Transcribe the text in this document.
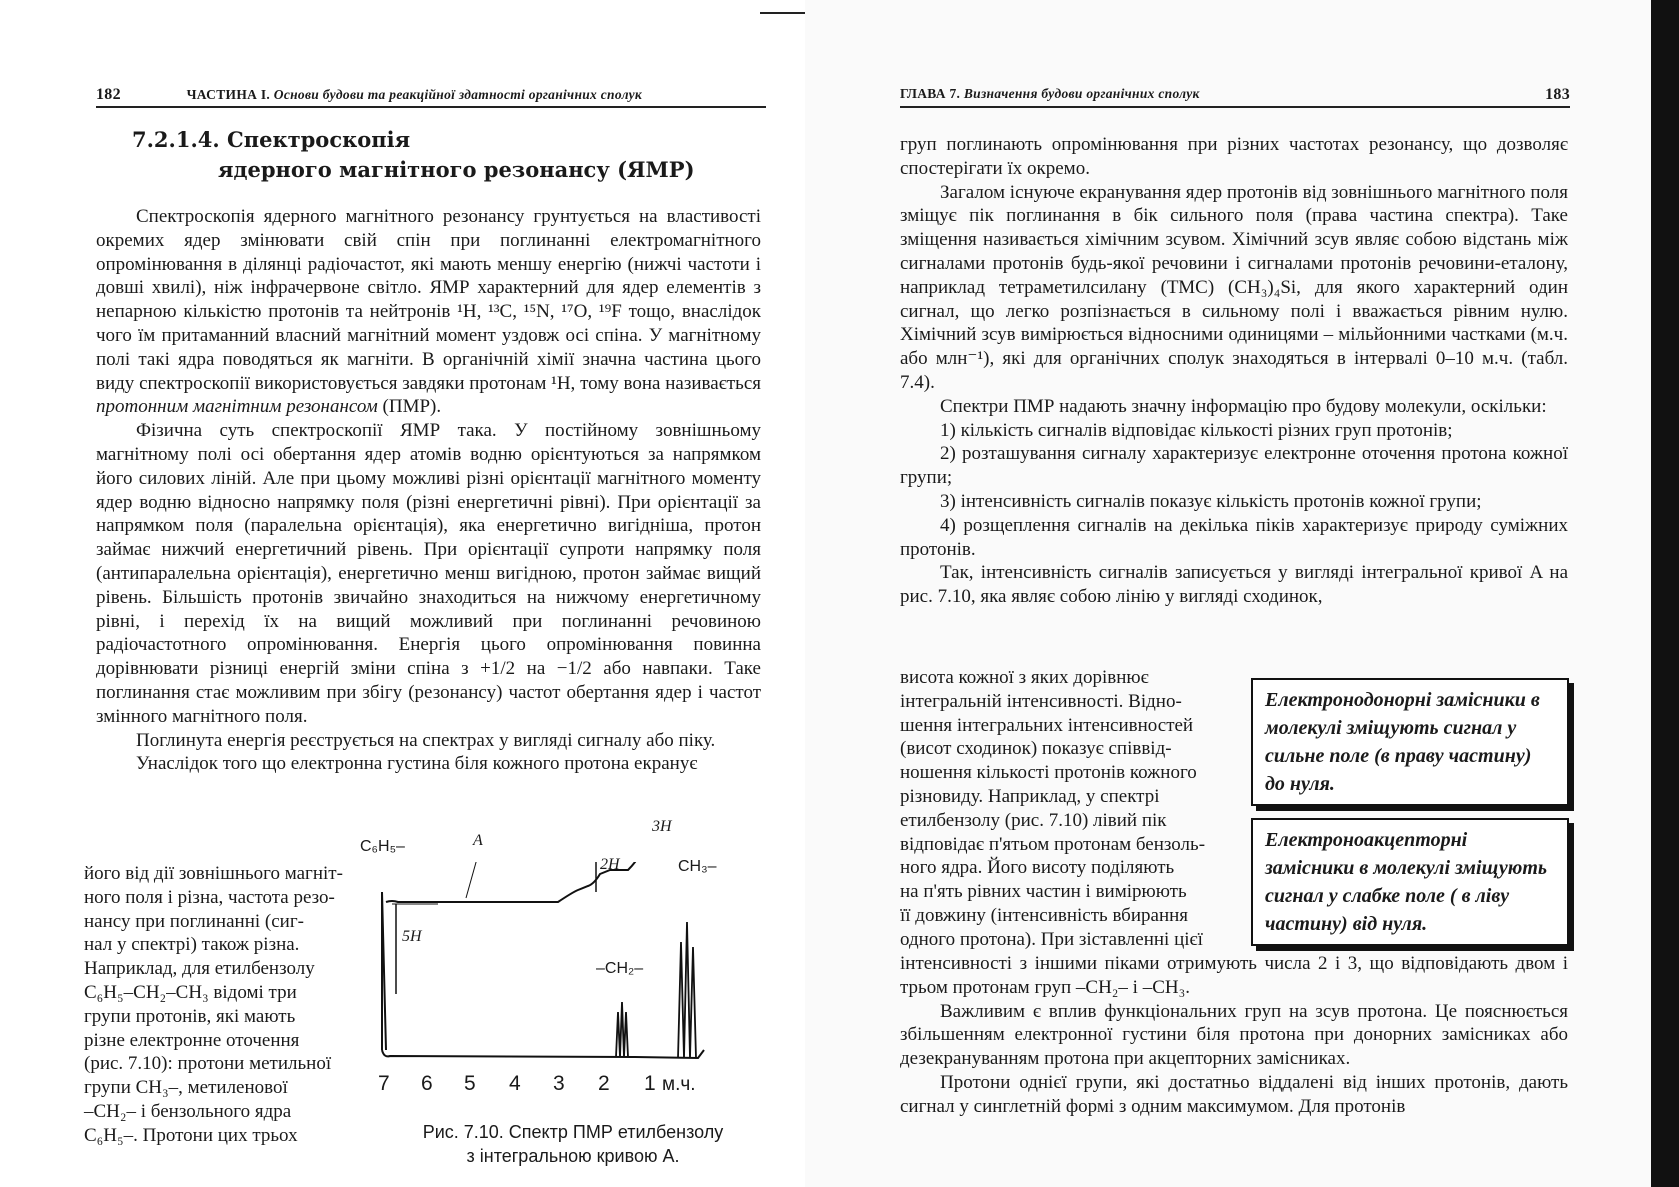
182	ЧАСТИНА І. Основи будови та реакційної здатності органічних сполук
7.2.1.4. Спектроскопія
ядерного магнітного резонансу (ЯМР)

Спектроскопія ядерного магнітного резонансу грунтується на властивості окремих ядер змінювати свій спін при поглинанні електромагнітного опромінювання в ділянці радіочастот, які мають меншу енергію (нижчі частоти і довші хвилі), ніж інфрачервоне світло. ЯМР характерний для ядер елементів з непарною кількістю протонів та нейтронів ¹H, ¹³C, ¹⁵N, ¹⁷O, ¹⁹F тощо, внаслідок чого їм притаманний власний магнітний момент уздовж осі спіна. У магнітному полі такі ядра поводяться як магніти. В органічній хімії значна частина цього виду спектроскопії використовується завдяки протонам ¹H, тому вона називається протонним магнітним резонансом (ПМР).

Фізична суть спектроскопії ЯМР така. У постійному зовнішньому магнітному полі осі обертання ядер атомів водню орієнтуються за напрямком його силових ліній. Але при цьому можливі різні орієнтації магнітного моменту ядер водню відносно напрямку поля (різні енергетичні рівні). При орієнтації за напрямком поля (паралельна орієнтація), яка енергетично вигідніша, протон займає нижчий енергетичний рівень. При орієнтації супроти напрямку поля (антипаралельна орієнтація), енергетично менш вигідною, протон займає вищий рівень. Більшість протонів звичайно знаходиться на нижчому енергетичному рівні, і перехід їх на вищий можливий при поглинанні речовиною радіочастотного опромінювання. Енергія цього опромінювання повинна дорівнювати різниці енергій зміни спіна з +1/2 на −1/2 або навпаки. Таке поглинання стає можливим при збігу (резонансу) частот обертання ядер і частот змінного магнітного поля.

Поглинута енергія реєструється на спектрах у вигляді сигналу або піку.

Унаслідок того що електронна густина біля кожного протона екранує

його від дії зовнішнього магніт-

ного поля і різна, частота резо-

нансу при поглинанні (сиг-

нал у спектрі) також різна.

Наприклад, для етилбензолу

C₆H₅–CH₂–CH₃ відомі три

групи протонів, які мають

різне електронне оточення

(рис. 7.10): протони метильної

групи CH₃–, метиленової

–CH₂– і бензольного ядра

C₆H₅–. Протони цих трьох

C₆H₅–	A
3H
2H
5H
CH₃–
–CH₂–
7 6 5 4 3 2 1 м.ч.
Рис. 7.10. Спектр ПМР етилбензолу
з інтегральною кривою A.
ГЛАВА 7. Визначення будови органічних сполук	183

груп поглинають опромінювання при різних частотах резонансу, що дозволяє спостерігати їх окремо.

Загалом існуюче екранування ядер протонів від зовнішнього магнітного поля зміщує пік поглинання в бік сильного поля (права частина спектра). Таке зміщення називається хімічним зсувом. Хімічний зсув являє собою відстань між сигналами протонів будь-якої речовини і сигналами протонів речовини-еталону, наприклад тетраметилсилану (ТМС) (CH₃)₄Si, для якого характерний один сигнал, що легко розпізнається в сильному полі і вважається рівним нулю. Хімічний зсув вимірюється відносними одиницями – мільйонними частками (м.ч. або млн⁻¹), які для органічних сполук знаходяться в інтервалі 0–10 м.ч. (табл. 7.4).

Спектри ПМР надають значну інформацію про будову молекули, оскільки:

1) кількість сигналів відповідає кількості різних груп протонів;

2) розташування сигналу характеризує електронне оточення протона кожної групи;

3) інтенсивність сигналів показує кількість протонів кожної групи;

4) розщеплення сигналів на декілька піків характеризує природу суміжних протонів.

Так, інтенсивність сигналів записується у вигляді інтегральної кривої A на рис. 7.10, яка являє собою лінію у вигляді сходинок,

висота кожної з яких дорівнює

інтегральній інтенсивності. Відно-

шення інтегральних інтенсивностей

(висот сходинок) показує співвід-

ношення кількості протонів кожного

різновиду. Наприклад, у спектрі

етилбензолу (рис. 7.10) лівий пік

відповідає п'ятьом протонам бензоль-

ного ядра. Його висоту поділяють

на п'ять рівних частин і вимірюють

її довжину (інтенсивність вбирання

одного протона). При зіставленні цієї

Електронодонорні замісники в молекулі зміщують сигнал у сильне поле (в праву частину) до нуля.
Електроноакцепторні замісники в молекулі зміщують сигнал у слабке поле ( в ліву частину) від нуля.

інтенсивності з іншими піками отримують числа 2 і 3, що відповідають двом і трьом протонам груп –CH₂– і –CH₃.

Важливим є вплив функціональних груп на зсув протона. Це пояснюється збільшенням електронної густини біля протона при донорних замісниках або дезекрануванням протона при акцепторних замісниках.

Протони однієї групи, які достатньо віддалені від інших протонів, дають сигнал у синглетній формі з одним максимумом. Для протонів
